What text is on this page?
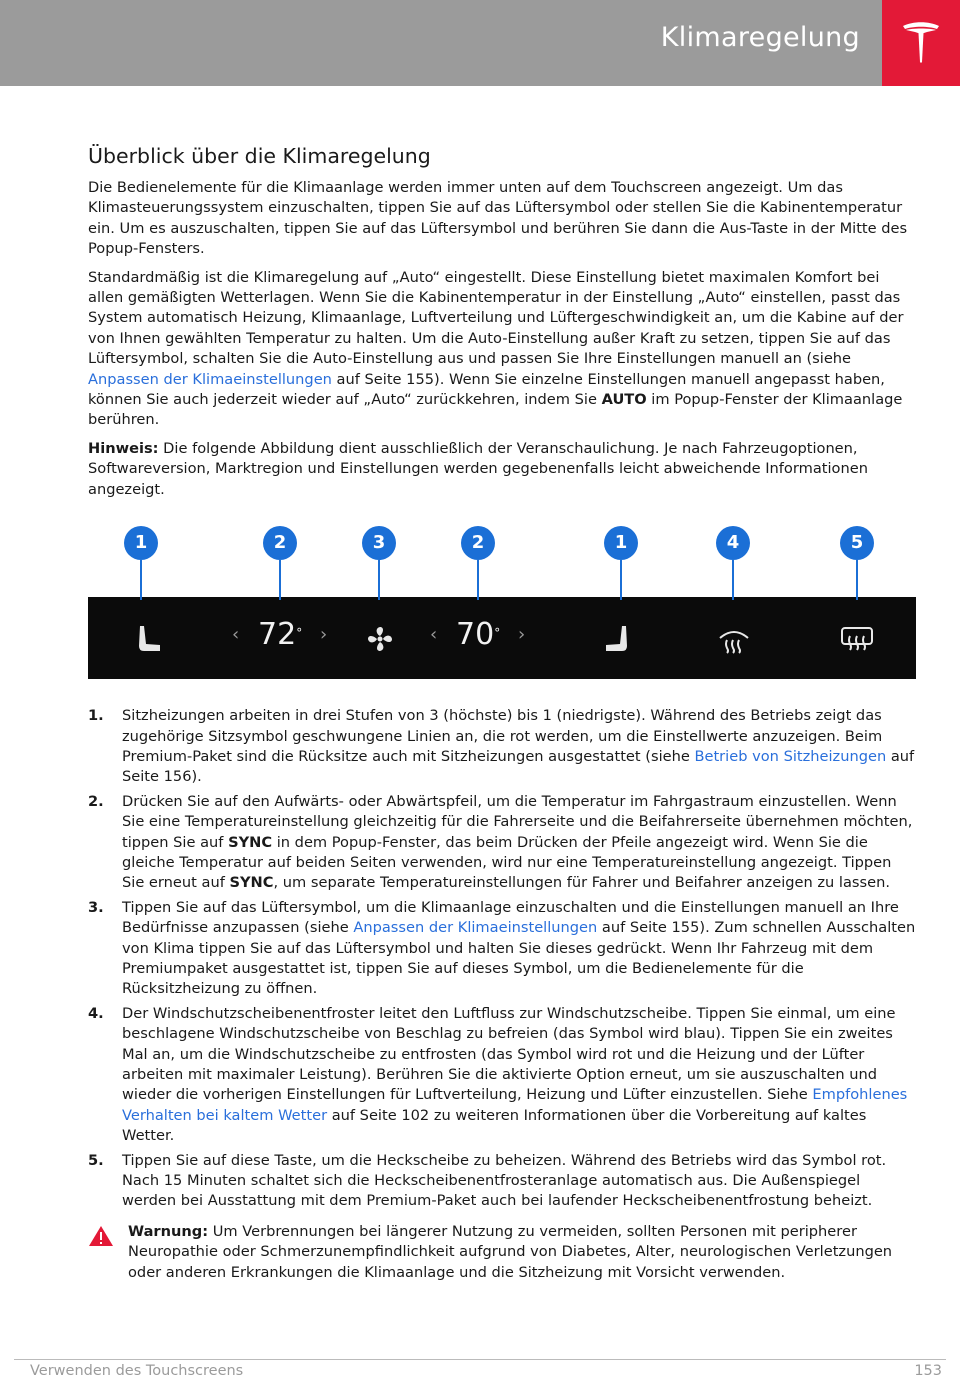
Klimaregelung
Überblick über die Klimaregelung

Die Bedienelemente für die Klimaanlage werden immer unten auf dem Touchscreen angezeigt. Um das Klimasteuerungssystem einzuschalten, tippen Sie auf das Lüftersymbol oder stellen Sie die Kabinentemperatur ein. Um es auszuschalten, tippen Sie auf das Lüftersymbol und berühren Sie dann die Aus-Taste in der Mitte des Popup-Fensters.

Standardmäßig ist die Klimaregelung auf „Auto“ eingestellt. Diese Einstellung bietet maximalen Komfort bei allen gemäßigten Wetterlagen. Wenn Sie die Kabinentemperatur in der Einstellung „Auto“ einstellen, passt das System automatisch Heizung, Klimaanlage, Luftverteilung und Lüftergeschwindigkeit an, um die Kabine auf der von Ihnen gewählten Temperatur zu halten. Um die Auto-Einstellung außer Kraft zu setzen, tippen Sie auf das Lüftersymbol, schalten Sie die Auto-Einstellung aus und passen Sie Ihre Einstellungen manuell an (siehe Anpassen der Klimaeinstellungen auf Seite 155). Wenn Sie einzelne Einstellungen manuell angepasst haben, können Sie auch jederzeit wieder auf „Auto“ zurückkehren, indem Sie AUTO im Popup-Fenster der Klimaanlage berühren.

Hinweis: Die folgende Abbildung dient ausschließlich der Veranschaulichung. Je nach Fahrzeugoptionen, Softwareversion, Marktregion und Einstellungen werden gegebenenfalls leicht abweichende Informationen angezeigt.

1	2	3	2	1	4	5
‹ 72° ›	‹ 70° ›
1. Sitzheizungen arbeiten in drei Stufen von 3 (höchste) bis 1 (niedrigste). Während des Betriebs zeigt das zugehörige Sitzsymbol geschwungene Linien an, die rot werden, um die Einstellwerte anzuzeigen. Beim Premium-Paket sind die Rücksitze auch mit Sitzheizungen ausgestattet (siehe Betrieb von Sitzheizungen auf Seite 156).
2. Drücken Sie auf den Aufwärts- oder Abwärtspfeil, um die Temperatur im Fahrgastraum einzustellen. Wenn Sie eine Temperatureinstellung gleichzeitig für die Fahrerseite und die Beifahrerseite übernehmen möchten, tippen Sie auf SYNC in dem Popup-Fenster, das beim Drücken der Pfeile angezeigt wird. Wenn Sie die gleiche Temperatur auf beiden Seiten verwenden, wird nur eine Temperatureinstellung angezeigt. Tippen Sie erneut auf SYNC, um separate Temperatureinstellungen für Fahrer und Beifahrer anzeigen zu lassen.
3. Tippen Sie auf das Lüftersymbol, um die Klimaanlage einzuschalten und die Einstellungen manuell an Ihre Bedürfnisse anzupassen (siehe Anpassen der Klimaeinstellungen auf Seite 155). Zum schnellen Ausschalten von Klima tippen Sie auf das Lüftersymbol und halten Sie dieses gedrückt. Wenn Ihr Fahrzeug mit dem Premiumpaket ausgestattet ist, tippen Sie auf dieses Symbol, um die Bedienelemente für die Rücksitzheizung zu öffnen.
4. Der Windschutzscheibenentfroster leitet den Luftfluss zur Windschutzscheibe. Tippen Sie einmal, um eine beschlagene Windschutzscheibe von Beschlag zu befreien (das Symbol wird blau). Tippen Sie ein zweites Mal an, um die Windschutzscheibe zu entfrosten (das Symbol wird rot und die Heizung und der Lüfter arbeiten mit maximaler Leistung). Berühren Sie die aktivierte Option erneut, um sie auszuschalten und wieder die vorherigen Einstellungen für Luftverteilung, Heizung und Lüfter einzustellen. Siehe Empfohlenes Verhalten bei kaltem Wetter auf Seite 102 zu weiteren Informationen über die Vorbereitung auf kaltes Wetter.
5. Tippen Sie auf diese Taste, um die Heckscheibe zu beheizen. Während des Betriebs wird das Symbol rot. Nach 15 Minuten schaltet sich die Heckscheibenentfrosteranlage automatisch aus. Die Außenspiegel werden bei Ausstattung mit dem Premium-Paket auch bei laufender Heckscheibenentfrostung beheizt.
Warnung: Um Verbrennungen bei längerer Nutzung zu vermeiden, sollten Personen mit peripherer Neuropathie oder Schmerzunempfindlichkeit aufgrund von Diabetes, Alter, neurologischen Verletzungen oder anderen Erkrankungen die Klimaanlage und die Sitzheizung mit Vorsicht verwenden.
Verwenden des Touchscreens	153
